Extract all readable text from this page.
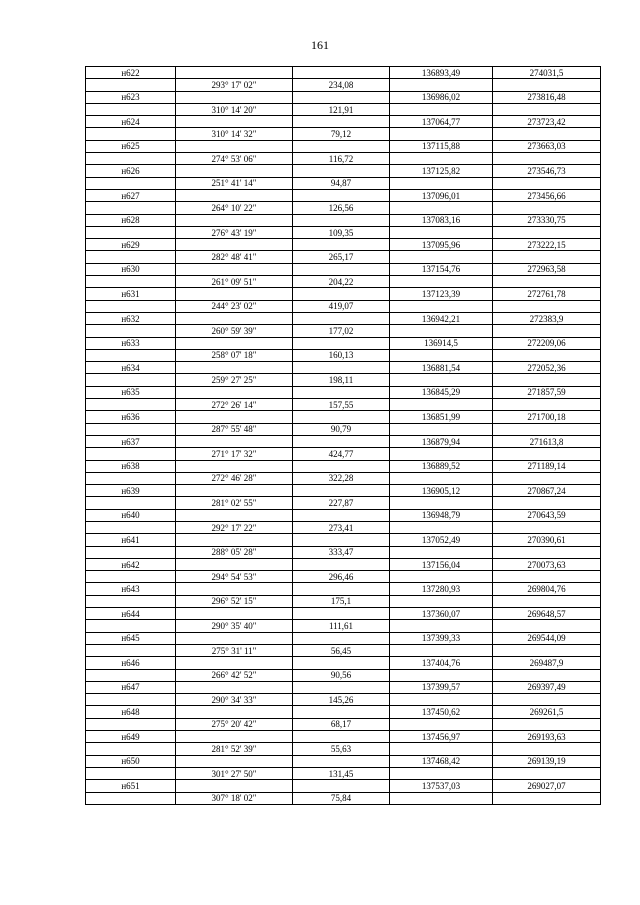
161
н622			136893,49	274031,5
	293° 17' 02"	234,08		
н623			136986,02	273816,48
	310° 14' 20"	121,91		
н624			137064,77	273723,42
	310° 14' 32"	79,12		
н625			137115,88	273663,03
	274° 53' 06"	116,72		
н626			137125,82	273546,73
	251° 41' 14"	94,87		
н627			137096,01	273456,66
	264° 10' 22"	126,56		
н628			137083,16	273330,75
	276° 43' 19"	109,35		
н629			137095,96	273222,15
	282° 48' 41"	265,17		
н630			137154,76	272963,58
	261° 09' 51"	204,22		
н631			137123,39	272761,78
	244° 23' 02"	419,07		
н632			136942,21	272383,9
	260° 59' 39"	177,02		
н633			136914,5	272209,06
	258° 07' 18"	160,13		
н634			136881,54	272052,36
	259° 27' 25"	198,11		
н635			136845,29	271857,59
	272° 26' 14"	157,55		
н636			136851,99	271700,18
	287° 55' 48"	90,79		
н637			136879,94	271613,8
	271° 17' 32"	424,77		
н638			136889,52	271189,14
	272° 46' 28"	322,28		
н639			136905,12	270867,24
	281° 02' 55"	227,87		
н640			136948,79	270643,59
	292° 17' 22"	273,41		
н641			137052,49	270390,61
	288° 05' 28"	333,47		
н642			137156,04	270073,63
	294° 54' 53"	296,46		
н643			137280,93	269804,76
	296° 52' 15"	175,1		
н644			137360,07	269648,57
	290° 35' 40"	111,61		
н645			137399,33	269544,09
	275° 31' 11"	56,45		
н646			137404,76	269487,9
	266° 42' 52"	90,56		
н647			137399,57	269397,49
	290° 34' 33"	145,26		
н648			137450,62	269261,5
	275° 20' 42"	68,17		
н649			137456,97	269193,63
	281° 52' 39"	55,63		
н650			137468,42	269139,19
	301° 27' 50"	131,45		
н651			137537,03	269027,07
	307° 18' 02"	75,84		
